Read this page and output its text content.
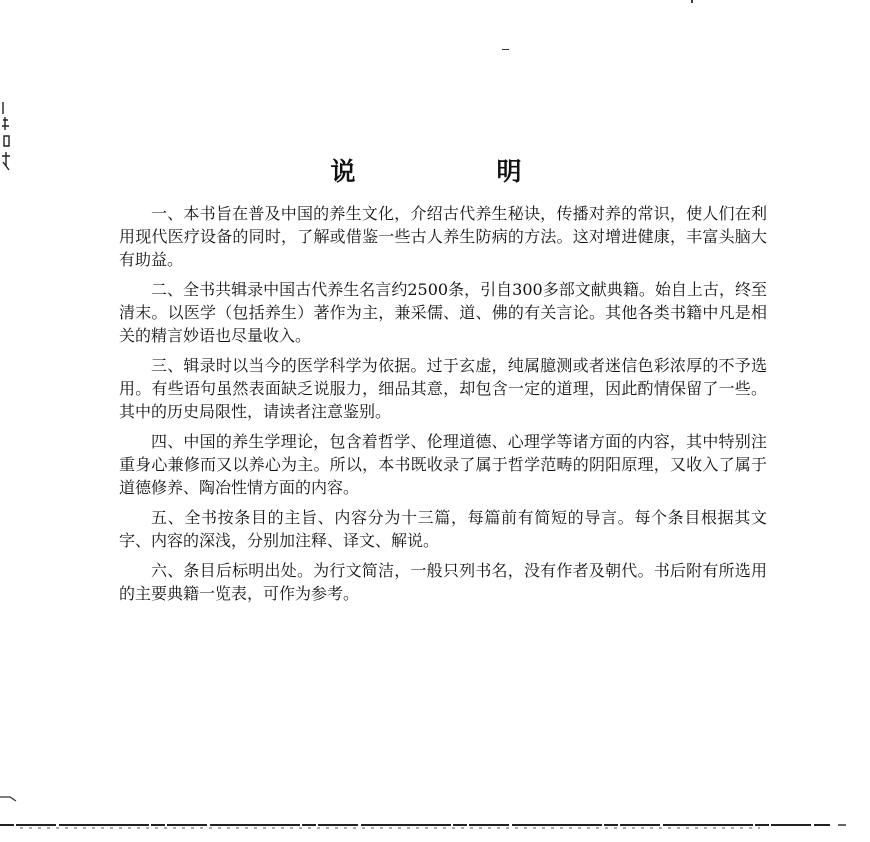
说　明

一、本书旨在普及中国的养生文化，介绍古代养生秘诀，传播对养的常识，使人们在利用现代医疗设备的同时，了解或借鉴一些古人养生防病的方法。这对增进健康，丰富头脑大有助益。

二、全书共辑录中国古代养生名言约2500条，引自300多部文献典籍。始自上古，终至清末。以医学（包括养生）著作为主，兼采儒、道、佛的有关言论。其他各类书籍中凡是相关的精言妙语也尽量收入。

三、辑录时以当今的医学科学为依据。过于玄虚，纯属臆测或者迷信色彩浓厚的不予选用。有些语句虽然表面缺乏说服力，细品其意，却包含一定的道理，因此酌情保留了一些。其中的历史局限性，请读者注意鉴别。

四、中国的养生学理论，包含着哲学、伦理道德、心理学等诸方面的内容，其中特别注重身心兼修而又以养心为主。所以，本书既收录了属于哲学范畴的阴阳原理，又收入了属于道德修养、陶冶性情方面的内容。

五、全书按条目的主旨、内容分为十三篇，每篇前有简短的导言。每个条目根据其文字、内容的深浅，分别加注释、译文、解说。

六、条目后标明出处。为行文简洁，一般只列书名，没有作者及朝代。书后附有所选用的主要典籍一览表，可作为参考。
